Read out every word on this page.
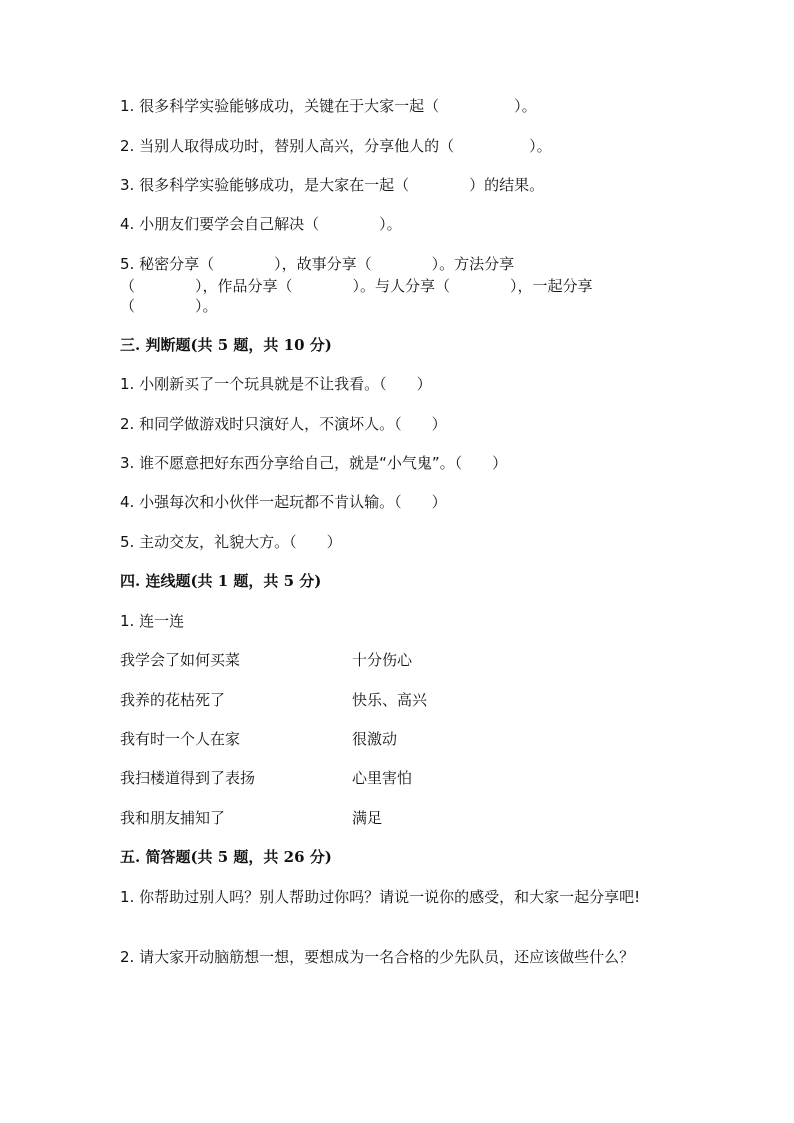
1. 很多科学实验能够成功，关键在于大家一起（　　　　　）。
2. 当别人取得成功时，替别人高兴，分享他人的（　　　　　）。
3. 很多科学实验能够成功，是大家在一起（　　　　）的结果。
4. 小朋友们要学会自己解决（　　　　）。
5. 秘密分享（　　　　），故事分享（　　　　）。方法分享
（　　　　），作品分享（　　　　）。与人分享（　　　　），一起分享
（　　　　）。
三. 判断题(共 5 题，共 10 分)
1. 小刚新买了一个玩具就是不让我看。（　　）
2. 和同学做游戏时只演好人，不演坏人。（　　）
3. 谁不愿意把好东西分享给自己，就是“小气鬼”。（　　）
4. 小强每次和小伙伴一起玩都不肯认输。（　　）
5. 主动交友，礼貌大方。（　　）
四. 连线题(共 1 题，共 5 分)
1. 连一连
我学会了如何买菜	十分伤心
我养的花枯死了	快乐、高兴
我有时一个人在家	很激动
我扫楼道得到了表扬	心里害怕
我和朋友捕知了	满足
五. 简答题(共 5 题，共 26 分)
1. 你帮助过别人吗？别人帮助过你吗？请说一说你的感受，和大家一起分享吧!
2. 请大家开动脑筋想一想，要想成为一名合格的少先队员，还应该做些什么？
